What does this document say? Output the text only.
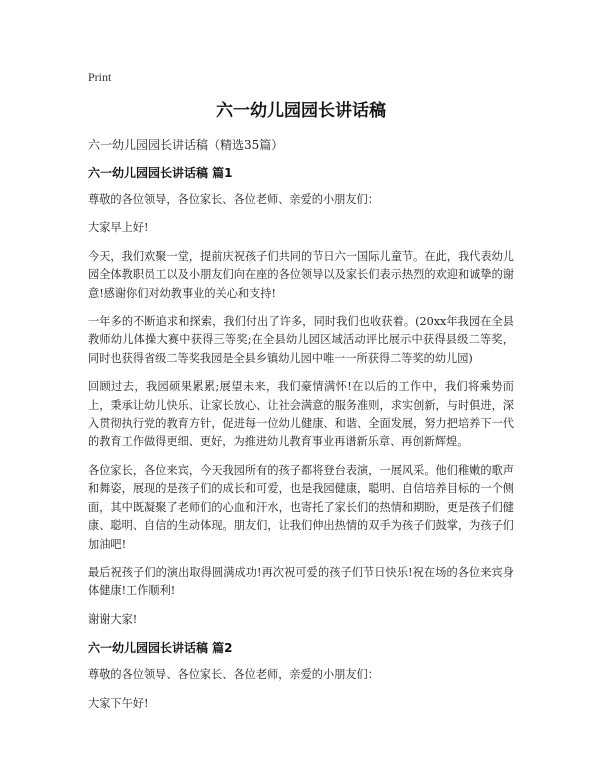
Print
六一幼儿园园长讲话稿

六一幼儿园园长讲话稿（精选35篇）

六一幼儿园园长讲话稿 篇1

尊敬的各位领导，各位家长、各位老师、亲爱的小朋友们：

大家早上好!

今天，我们欢聚一堂，提前庆祝孩子们共同的节日六一国际儿童节。在此，我代表幼儿园全体教职员工以及小朋友们向在座的各位领导以及家长们表示热烈的欢迎和诚挚的谢意!感谢你们对幼教事业的关心和支持!

一年多的不断追求和探索，我们付出了许多，同时我们也收获着。(20xx年我园在全县教师幼儿体操大赛中获得三等奖;在全县幼儿园区域活动评比展示中获得县级二等奖，同时也获得省级二等奖我园是全县乡镇幼儿园中唯一一所获得二等奖的幼儿园)

回顾过去，我园硕果累累;展望未来，我们豪情满怀!在以后的工作中，我们将乘势而上，秉承让幼儿快乐、让家长放心、让社会满意的服务准则，求实创新，与时俱进，深入贯彻执行党的教育方针，促进每一位幼儿健康、和谐、全面发展，努力把培养下一代的教育工作做得更细、更好，为推进幼儿教育事业再谱新乐章、再创新辉煌。

各位家长，各位来宾，今天我园所有的孩子都将登台表演，一展风采。他们稚嫩的歌声和舞姿，展现的是孩子们的成长和可爱，也是我园健康，聪明、自信培养目标的一个侧面，其中既凝聚了老师们的心血和汗水，也寄托了家长们的热情和期盼，更是孩子们健康、聪明、自信的生动体现。朋友们，让我们伸出热情的双手为孩子们鼓掌，为孩子们加油吧!

最后祝孩子们的演出取得圆满成功!再次祝可爱的孩子们节日快乐!祝在场的各位来宾身体健康!工作顺利!

谢谢大家!

六一幼儿园园长讲话稿 篇2

尊敬的各位领导、各位家长、各位老师，亲爱的小朋友们：

大家下午好!
